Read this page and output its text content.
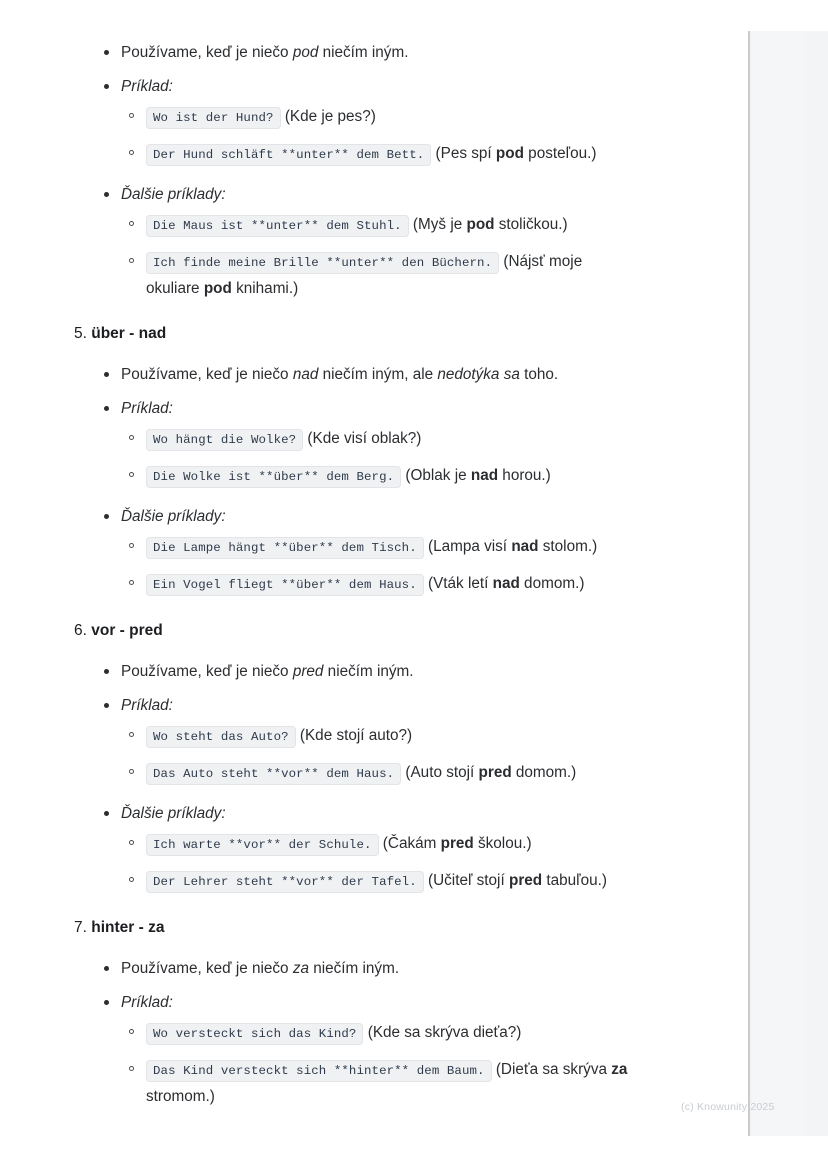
Používame, keď je niečo pod niečím iným.
Príklad:
Wo ist der Hund? (Kde je pes?)
Der Hund schläft **unter** dem Bett. (Pes spí pod posteľou.)
Ďalšie príklady:
Die Maus ist **unter** dem Stuhl. (Myš je pod stoličkou.)
Ich finde meine Brille **unter** den Büchern. (Nájsť moje okuliare pod knihami.)
5. über - nad
Používame, keď je niečo nad niečím iným, ale nedotýka sa toho.
Príklad:
Wo hängt die Wolke? (Kde visí oblak?)
Die Wolke ist **über** dem Berg. (Oblak je nad horou.)
Ďalšie príklady:
Die Lampe hängt **über** dem Tisch. (Lampa visí nad stolom.)
Ein Vogel fliegt **über** dem Haus. (Vták letí nad domom.)
6. vor - pred
Používame, keď je niečo pred niečím iným.
Príklad:
Wo steht das Auto? (Kde stojí auto?)
Das Auto steht **vor** dem Haus. (Auto stojí pred domom.)
Ďalšie príklady:
Ich warte **vor** der Schule. (Čakám pred školou.)
Der Lehrer steht **vor** der Tafel. (Učiteľ stojí pred tabuľou.)
7. hinter - za
Používame, keď je niečo za niečím iným.
Príklad:
Wo versteckt sich das Kind? (Kde sa skrýva dieťa?)
Das Kind versteckt sich **hinter** dem Baum. (Dieťa sa skrýva za stromom.)
(c) Knowunity 2025
